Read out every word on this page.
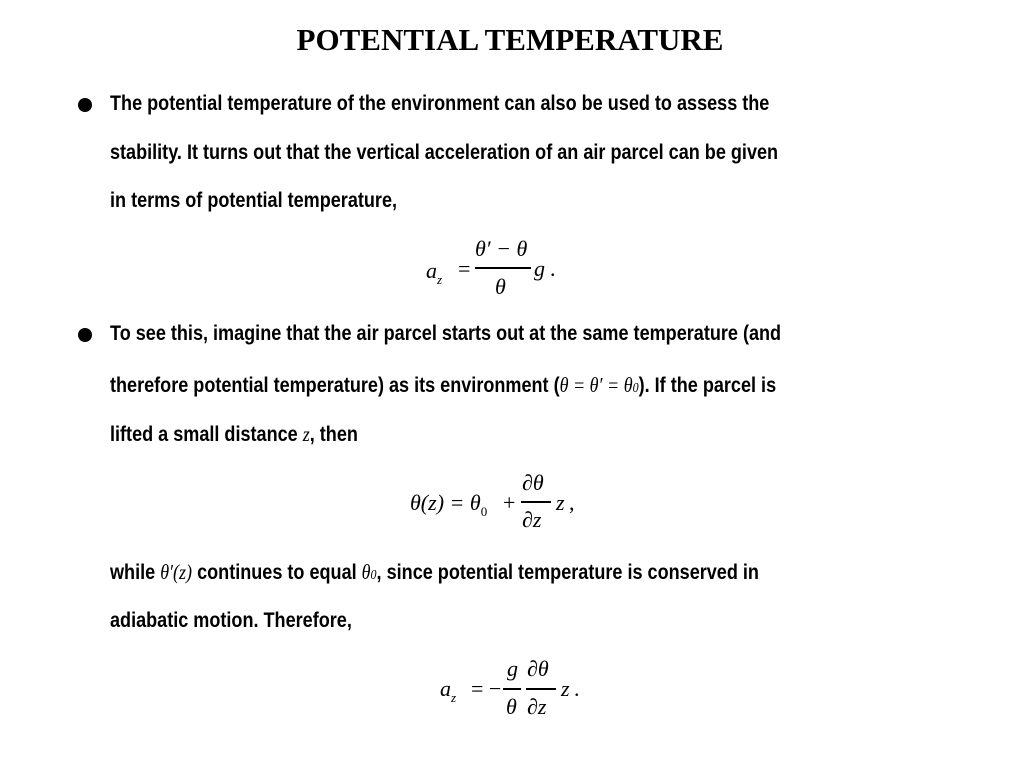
POTENTIAL TEMPERATURE
The potential temperature of the environment can also be used to assess the
stability. It turns out that the vertical acceleration of an air parcel can be given
in terms of potential temperature,
$a_z$ =
θ′ − θ
θ
g .
To see this, imagine that the air parcel starts out at the same temperature (and
therefore potential temperature) as its environment (θ = θ′ = θ0). If the parcel is
lifted a small distance z, then
$\theta(z) = \theta_0$ +
∂θ
∂z
z ,
while θ′(z) continues to equal θ0, since potential temperature is conserved in
adiabatic motion. Therefore,
$a_z$ = −
g
θ
∂θ
∂z
z .
